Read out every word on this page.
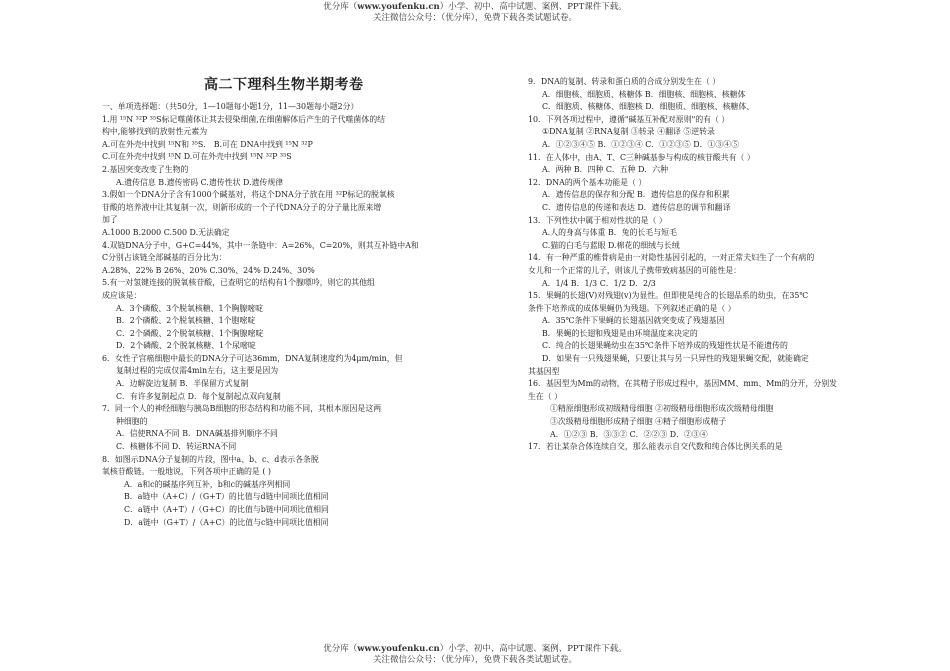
优分库（www.youfenku.cn）小学、初中、高中试题、案例、PPT课件下载。
关注微信公众号：（优分库），免费下载各类试题试卷。
高二下理科生物半期考卷
一、单项选择题：（共50分，1—10题每小题1分，11—30题每小题2分）
1.用 ¹⁵N ³²P ³⁵S标记噬菌体让其去侵染细菌,在细菌解体后产生的子代噬菌体的结
构中,能够找到的放射性元素为
A.可在外壳中找到 ¹⁵N和 ³⁵S． B.可在 DNA中找到 ¹⁵N ³²P
C.可在外壳中找到 ¹⁵N D.可在外壳中找到 ¹⁵N ³²P ³⁵S
2.基因突变改变了生物的
A.遗传信息 B.遗传密码 C.遗传性状 D.遗传规律
3.假如一个DNA分子含有1000个碱基对，将这个DNA分子放在用 ³²P标记的脱氧核
苷酸的培养液中让其复制一次，则新形成的一个子代DNA分子的分子量比原来增
加了
A.1000 B.2000 C.500 D.无法确定
4.双链DNA分子中，G+C=44%，其中一条链中：A=26%，C=20%，则其互补链中A和
C分别占该链全部碱基的百分比为：
A.28%、22% B 26%、20% C.30%、24% D.24%、30%
5.有一对氢键连接的脱氧核苷酸，已查明它的结构有1个腺嘌呤，则它的其他组
成应该是：
A．3个磷酸、3个脱氧核糖、1个胸腺嘧啶
B．2个磷酸、2个脱氧核糖、1个胞嘧啶
C．2个磷酸、2个脱氧核糖、1个胸腺嘧啶
D．2个磷酸、2个脱氧核糖、1个尿嘧啶
6．女性子宫癌细胞中最长的DNA分子可达36mm，DNA复制速度约为4μm/min，但
复制过程的完成仅需4min左右，这主要是因为
A．边解旋边复制 B．半保留方式复制
C．有许多复制起点 D．每个复制起点双向复制
7．同一个人的神经细胞与胰岛B细胞的形态结构和功能不同，其根本原因是这两
种细胞的
A．信使RNA不同 B．DNA碱基排列顺序不同
C．核糖体不同 D．转运RNA不同
8．如图示DNA分子复制的片段，图中a、b、c、d表示各条脱
氧核苷酸链。一般地说，下列各项中正确的是 ( )
A．a和c的碱基序列互补，b和c的碱基序列相同
B．a链中（A+C）/（G+T）的比值与d链中同项比值相同
C．a链中（A+T）/（G+C）的比值与b链中同项比值相同
D．a链中（G+T）/（A+C）的比值与c链中同项比值相同
9．DNA的复制、转录和蛋白质的合成分别发生在（ ）
A．细胞核、细胞质、核糖体 B．细胞核、细胞核、核糖体
C．细胞质、核糖体、细胞核 D．细胞质、细胞核、核糖体、
10．下列各项过程中，遵循"碱基互补配对原则"的有（ ）
①DNA复制 ②RNA复制 ③转录 ④翻译 ⑤逆转录
A．①②③④⑤ B．①②③④ C．①②③⑤ D．①③④⑤
11．在人体中，由A、T、C三种碱基参与构成的核苷酸共有（ ）
A．两种 B．四种 C．五种 D．六种
12．DNA的两个基本功能是（ ）
A．遗传信息的保存和分配 B．遗传信息的保存和积累
C．遗传信息的传递和表达 D．遗传信息的调节和翻译
13．下列性状中属于相对性状的是（ ）
A.人的身高与体重 B．兔的长毛与短毛
C.猫的白毛与蓝眼 D.棉花的细绒与长绒
14．有一种严重的椎骨病是由一对隐性基因引起的，一对正常夫妇生了一个有病的
女儿和一个正常的儿子，则该儿子携带致病基因的可能性是：
A．1/4 B．1/3 C．1/2 D．2/3
15．果蝇的长翅(V)对残翅(v)为显性。但即使是纯合的长翅品系的幼虫，在35℃
条件下培养成的成体果蝇仍为残翅。下列叙述正确的是（ ）
A．35℃条件下果蝇的长翅基因就突变成了残翅基因
B．果蝇的长翅和残翅是由环境温度来决定的
C．纯合的长翅果蝇幼虫在35℃条件下培养成的残翅性状是不能遗传的
D．如果有一只残翅果蝇，只要让其与另一只异性的残翅果蝇交配，就能确定
其基因型
16．基因型为Mm的动物，在其精子形成过程中，基因MM、mm、Mm的分开，分别发
生在（ ）
①精原细胞形成初级精母细胞 ②初级精母细胞形成次级精母细胞
③次级精母细胞形成精子细胞 ④精子细胞形成精子
A．①②③ B．③③② C．②②③ D．②③④
17．若让某杂合体连续自交，那么能表示自交代数和纯合体比例关系的是
优分库（www.youfenku.cn）小学、初中、高中试题、案例、PPT课件下载。
关注微信公众号：（优分库），免费下载各类试题试卷。
